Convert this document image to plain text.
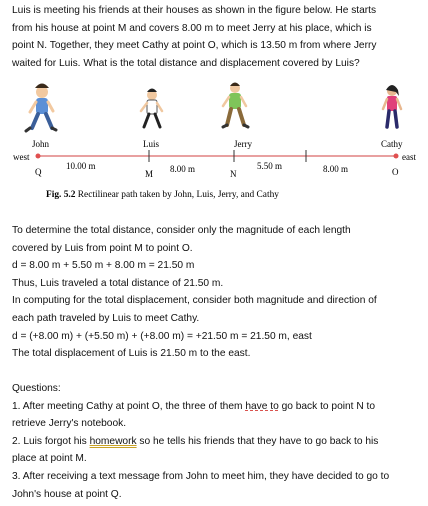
Luis is meeting his friends at their houses as shown in the figure below. He starts

from his house at point M and covers 8.00 m to meet Jerry at his place, which is

point N. Together, they meet Cathy at point O, which is 13.50 m from where Jerry

waited for Luis. What is the total distance and displacement covered by Luis?

John	Luis	Jerry	Cathy
west	east
10.00 m	8.00 m	5.50 m	8.00 m
Q	M	N	O
Fig. 5.2 Rectilinear path taken by John, Luis, Jerry, and Cathy

To determine the total distance, consider only the magnitude of each length

covered by Luis from point M to point O.

d = 8.00 m + 5.50 m + 8.00 m = 21.50 m

Thus, Luis traveled a total distance of 21.50 m.

In computing for the total displacement, consider both magnitude and direction of

each path traveled by Luis to meet Cathy.

d = (+8.00 m) + (+5.50 m) + (+8.00 m) = +21.50 m = 21.50 m, east

The total displacement of Luis is 21.50 m to the east.

Questions:

1. After meeting Cathy at point O, the three of them have to go back to point N to

retrieve Jerry's notebook.

2. Luis forgot his homework so he tells his friends that they have to go back to his

place at point M.

3. After receiving a text message from John to meet him, they have decided to go to

John's house at point Q.
